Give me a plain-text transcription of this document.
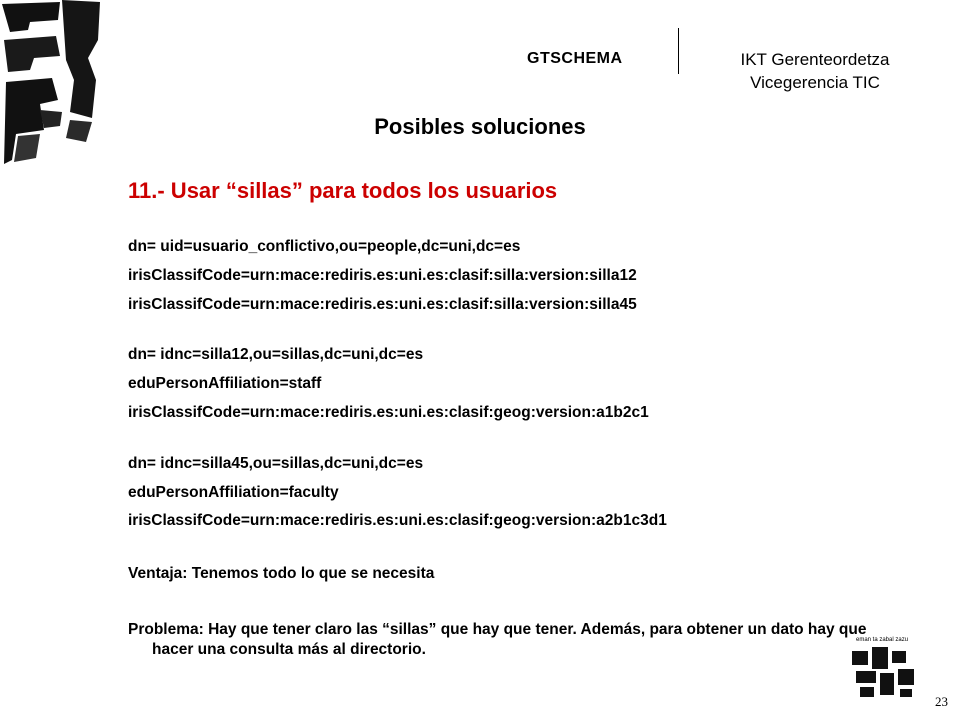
GTSCHEMA	IKT Gerenteordetza
Vicegerencia TIC
Posibles soluciones
11.- Usar “sillas” para todos los usuarios
dn= uid=usuario_conflictivo,ou=people,dc=uni,dc=es
irisClassifCode=urn:mace:rediris.es:uni.es:clasif:silla:version:silla12
irisClassifCode=urn:mace:rediris.es:uni.es:clasif:silla:version:silla45
dn= idnc=silla12,ou=sillas,dc=uni,dc=es
eduPersonAffiliation=staff
irisClassifCode=urn:mace:rediris.es:uni.es:clasif:geog:version:a1b2c1
dn= idnc=silla45,ou=sillas,dc=uni,dc=es
eduPersonAffiliation=faculty
irisClassifCode=urn:mace:rediris.es:uni.es:clasif:geog:version:a2b1c3d1
Ventaja: Tenemos todo lo que se necesita
Problema: Hay que tener claro las “sillas” que hay que tener. Además, para obtener un dato hay que hacer una consulta más al directorio.
eman ta zabal zazu
23
